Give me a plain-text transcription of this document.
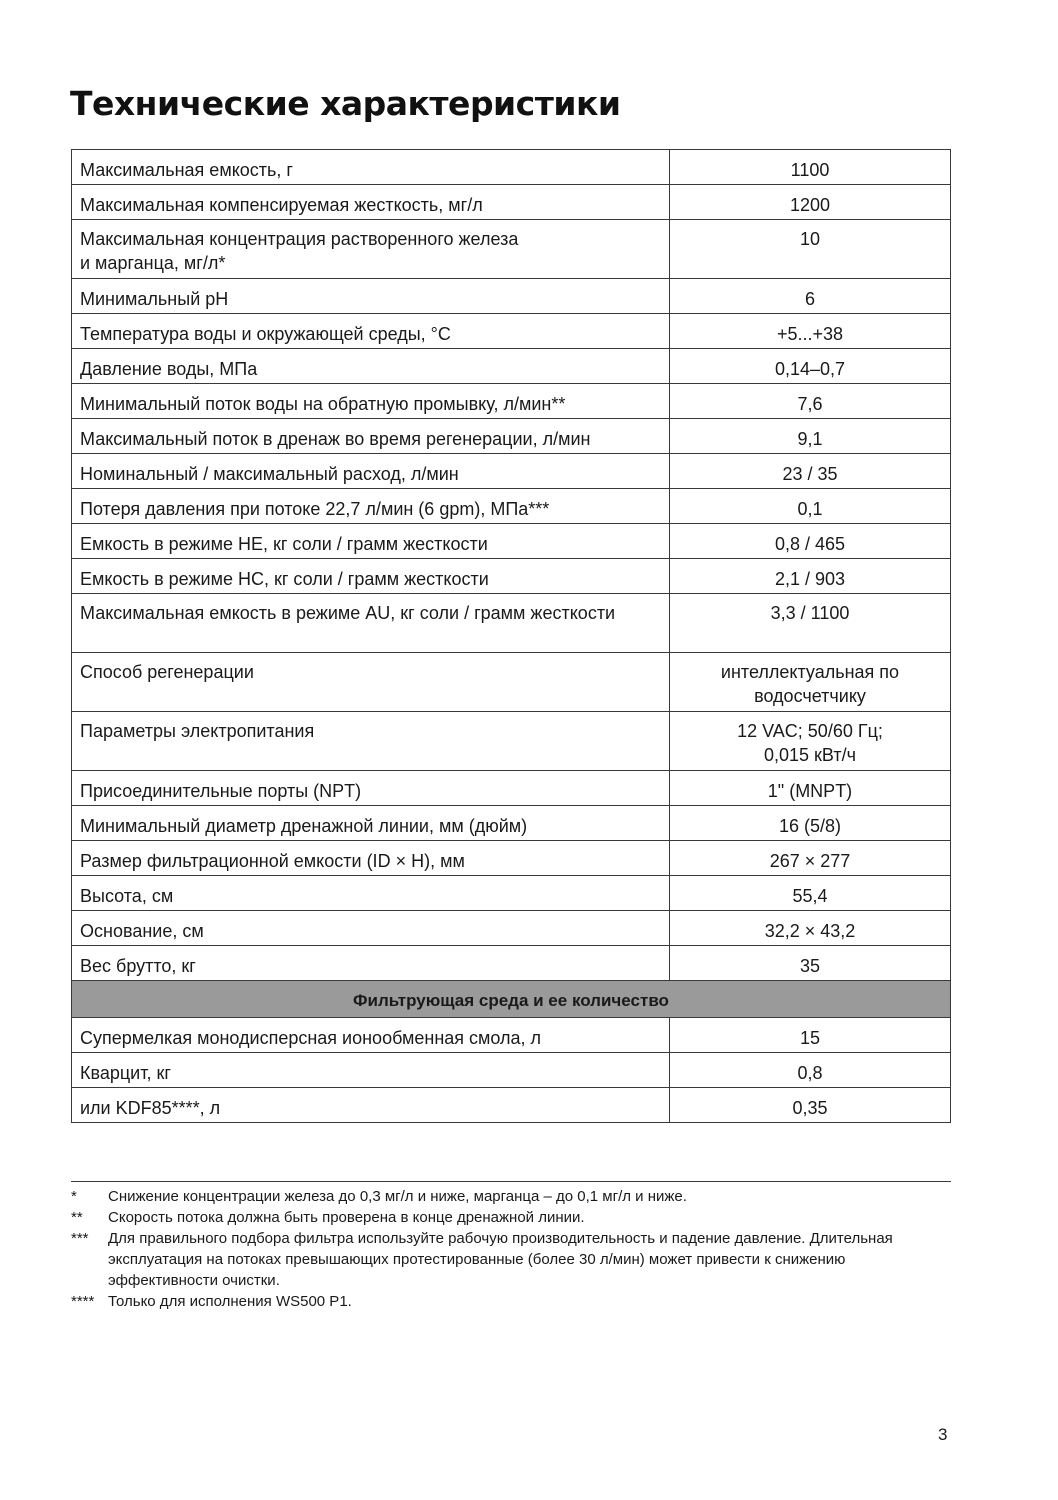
Технические характеристики
Максимальная емкость, г	1100
Максимальная компенсируемая жесткость, мг/л	1200

Максимальная концентрация растворенного железа и марганца, мг/л*	10
Минимальный pH	6
Температура воды и окружающей среды, °С	+5...+38
Давление воды, МПа	0,14–0,7
Минимальный поток воды на обратную промывку, л/мин**	7,6
Максимальный поток в дренаж во время регенерации, л/мин	9,1
Номинальный / максимальный расход, л/мин	23 / 35
Потеря давления при потоке 22,7 л/мин (6 gpm), МПа***	0,1
Емкость в режиме HE, кг соли / грамм жесткости	0,8 / 465
Емкость в режиме HC, кг соли / грамм жесткости	2,1 / 903

Максимальная емкость в режиме AU, кг соли / грамм жесткости	3,3 / 1100
Способ регенерации	интеллектуальная по водосчетчику
Параметры электропитания	12 VAC; 50/60 Гц; 0,015 кВт/ч
Присоединительные порты (NPT)	1" (MNPT)
Минимальный диаметр дренажной линии, мм (дюйм)	16 (5/8)
Размер фильтрационной емкости (ID × H), мм	267 × 277
Высота, см	55,4
Основание, см	32,2 × 43,2
Вес брутто, кг	35
Фильтрующая среда и ее количество	
Супермелкая монодисперсная ионообменная смола, л	15
Кварцит, кг	0,8
или KDF85****, л	0,35
*	Снижение концентрации железа до 0,3 мг/л и ниже, марганца – до 0,1 мг/л и ниже.
**	Скорость потока должна быть проверена в конце дренажной линии.
***	Для правильного подбора фильтра используйте рабочую производительность и падение давление. Длительная эксплуатация на потоках превышающих протестированные (более 30 л/мин) может привести к снижению эффективности очистки.
**** Только для исполнения WS500 P1.
3
